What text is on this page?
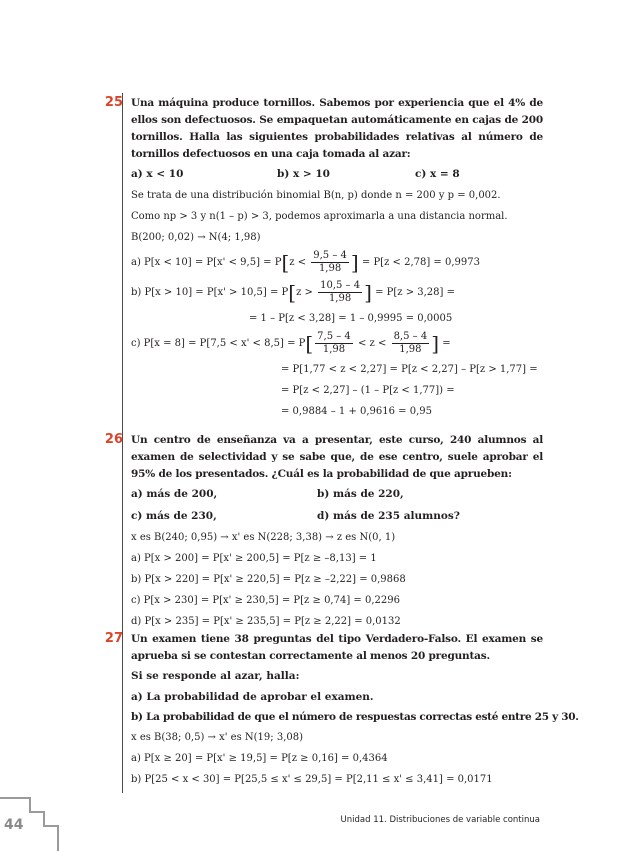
25 Una máquina produce tornillos. Sabemos por experiencia que el 4% de ellos son defectuosos. Se empaquetan automáticamente en cajas de 200 tornillos. Halla las siguientes probabilidades relativas al número de tornillos defectuosos en una caja tomada al azar:

a) x < 10	b) x > 10	c) x = 8
Se trata de una distribución binomial B(n, p) donde n = 200 y p = 0,002.
Como np > 3 y n(1 – p) > 3, podemos aproximarla a una distancia normal.
B(200; 0,02) → N(4; 1,98)
a) $P[x < 10] = P[x' < 9,5] = P[z < \frac{9,5 - 4}{1,98}$ ] = P[z < 2,78] = 0,9973
b) $P[x > 10] = P[x' > 10,5] = P[z > \frac{10,5 - 4}{1,98}$ ] = P[z > 3,28] =
= 1 – P[z < 3,28] = 1 – 0,9995 = 0,0005
c) $P[x = 8] = P[7,5 < x' < 8,5] = P[ \frac{7,5 - 4}{1,98} < z < \frac{8,5 - 4}{1,98}$ ] =
= P[1,77 < z < 2,27] = P[z < 2,27] – P[z > 1,77] =
= P[z < 2,27] – (1 – P[z < 1,77]) =
= 0,9884 – 1 + 0,9616 = 0,95
26 Un centro de enseñanza va a presentar, este curso, 240 alumnos al examen de selectividad y se sabe que, de ese centro, suele aprobar el 95% de los presentados. ¿Cuál es la probabilidad de que aprueben:

a) más de 200,	b) más de 220,
c) más de 230,	d) más de 235 alumnos?
x es B(240; 0,95) → x' es N(228; 3,38) → z es N(0, 1)
a) P[x > 200] = P[x' ≥ 200,5] = P[z ≥ –8,13] = 1
b) P[x > 220] = P[x' ≥ 220,5] = P[z ≥ –2,22] = 0,9868
c) P[x > 230] = P[x' ≥ 230,5] = P[z ≥ 0,74] = 0,2296
d) P[x > 235] = P[x' ≥ 235,5] = P[z ≥ 2,22] = 0,0132
27 Un examen tiene 38 preguntas del tipo Verdadero-Falso. El examen se aprueba si se contestan correctamente al menos 20 preguntas.

Si se responde al azar, halla:
a) La probabilidad de aprobar el examen.
b) La probabilidad de que el número de respuestas correctas esté entre 25 y 30.
x es B(38; 0,5) → x' es N(19; 3,08)
a) P[x ≥ 20] = P[x' ≥ 19,5] = P[z ≥ 0,16] = 0,4364
b) P[25 < x < 30] = P[25,5 ≤ x' ≤ 29,5] = P[2,11 ≤ x' ≤ 3,41] = 0,0171
Unidad 11. Distribuciones de variable continua
44
